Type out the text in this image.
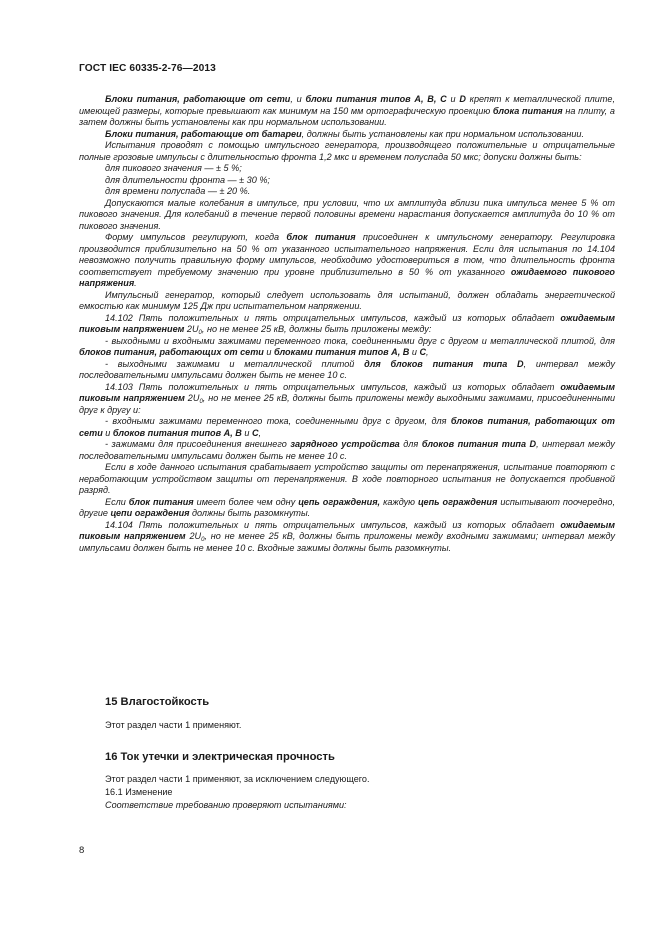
ГОСТ IEC 60335-2-76—2013

Блоки питания, работающие от сети, и блоки питания типов A, B, C и D крепят к металлической плите, имеющей размеры, которые превышают как минимум на 150 мм ортографическую проекцию блока питания на плиту, а затем должны быть установлены как при нормальном использовании.

Блоки питания, работающие от батареи, должны быть установлены как при нормальном использовании.

Испытания проводят с помощью импульсного генератора, производящего положительные и отрицательные полные грозовые импульсы с длительностью фронта 1,2 мкс и временем полуспада 50 мкс; допуски должны быть:

для пикового значения — ± 5 %;

для длительности фронта — ± 30 %;

для времени полуспада — ± 20 %.

Допускаются малые колебания в импульсе, при условии, что их амплитуда вблизи пика импульса менее 5 % от пикового значения. Для колебаний в течение первой половины времени нарастания допускается амплитуда до 10 % от пикового значения.

Форму импульсов регулируют, когда блок питания присоединен к импульсному генератору. Регулировка производится приблизительно на 50 % от указанного испытательного напряжения. Если для испытания по 14.104 невозможно получить правильную форму импульсов, необходимо удостовериться в том, что длительность фронта соответствует требуемому значению при уровне приблизительно в 50 % от указанного ожидаемого пикового напряжения.

Импульсный генератор, который следует использовать для испытаний, должен обладать энергетической емкостью как минимум 125 Дж при испытательном напряжении.

14.102 Пять положительных и пять отрицательных импульсов, каждый из которых обладает ожидаемым пиковым напряжением $2U_0$, но не менее 25 кВ, должны быть приложены между:

- выходными и входными зажимами переменного тока, соединенными друг с другом и металлической плитой, для блоков питания, работающих от сети и блоками питания типов A, B и C,

- выходными зажимами и металлической плитой для блоков питания типа D, интервал между последовательными импульсами должен быть не менее 10 с.

14.103 Пять положительных и пять отрицательных импульсов, каждый из которых обладает ожидаемым пиковым напряжением $2U_0$, но не менее 25 кВ, должны быть приложены между выходными зажимами, присоединенными друг к другу и:

- входными зажимами переменного тока, соединенными друг с другом, для блоков питания, работающих от сети и блоков питания типов A, B и C,

- зажимами для присоединения внешнего зарядного устройства для блоков питания типа D, интервал между последовательными импульсами должен быть не менее 10 с.

Если в ходе данного испытания срабатывает устройство защиты от перенапряжения, испытание повторяют с неработающим устройством защиты от перенапряжения. В ходе повторного испытания не допускается пробивной разряд.

Если блок питания имеет более чем одну цепь ограждения, каждую цепь ограждения испытывают поочередно, другие цепи ограждения должны быть разомкнуты.

14.104 Пять положительных и пять отрицательных импульсов, каждый из которых обладает ожидаемым пиковым напряжением $2U_0$, но не менее 25 кВ, должны быть приложены между входными зажимами; интервал между импульсами должен быть не менее 10 с. Входные зажимы должны быть разомкнуты.

15 Влагостойкость

Этот раздел части 1 применяют.

16 Ток утечки и электрическая прочность

Этот раздел части 1 применяют, за исключением следующего.

16.1 Изменение

Соответствие требованию проверяют испытаниями:

8
